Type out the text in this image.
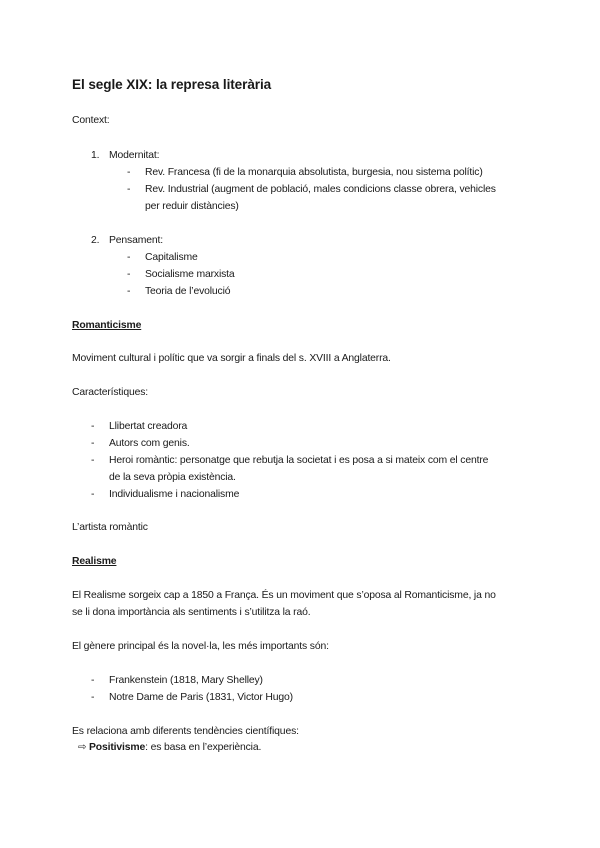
El segle XIX: la represa literària
Context:
1. Modernitat:
- Rev. Francesa (fi de la monarquia absolutista, burgesia, nou sistema polític)
- Rev. Industrial (augment de població, males condicions classe obrera, vehicles
per reduir distàncies)
2. Pensament:
- Capitalisme
- Socialisme marxista
- Teoria de l’evolució
Romanticisme
Moviment cultural i polític que va sorgir a finals del s. XVIII a Anglaterra.
Característiques:
- Llibertat creadora
- Autors com genis.
- Heroi romàntic: personatge que rebutja la societat i es posa a si mateix com el centre
de la seva pròpia existència.
- Individualisme i nacionalisme
L’artista romàntic
Realisme
El Realisme sorgeix cap a 1850 a França. És un moviment que s’oposa al Romanticisme, ja no
se li dona importància als sentiments i s’utilitza la raó.
El gènere principal és la novel·la, les més importants són:
- Frankenstein (1818, Mary Shelley)
- Notre Dame de Paris (1831, Victor Hugo)
Es relaciona amb diferents tendències científiques:
⇨ Positivisme: es basa en l’experiència.
